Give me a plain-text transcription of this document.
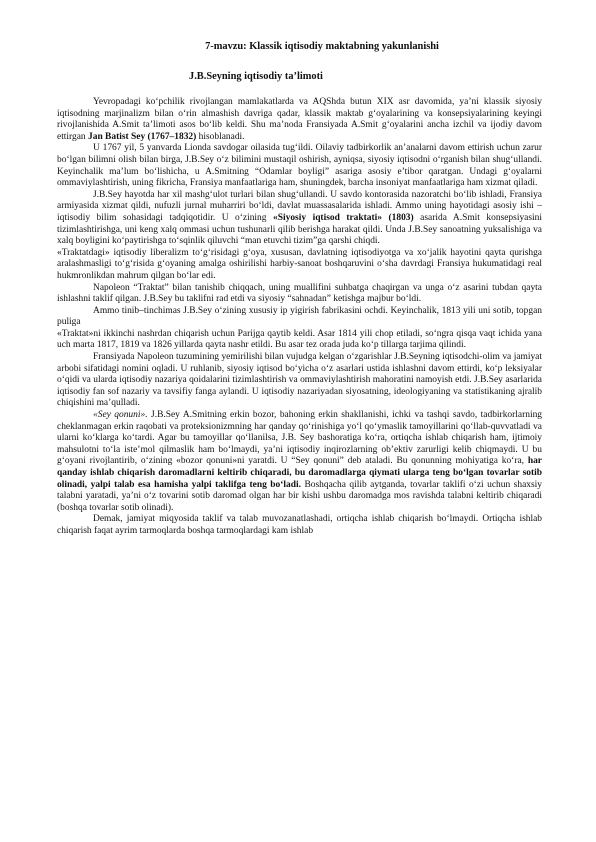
7-mavzu: Klassik iqtisodiy maktabning yakunlanishi
J.B.Seyning iqtisodiy ta’limoti

Yevropadagi ko‘pchilik rivojlangan mamlakatlarda va AQShda butun XIX asr davomida, ya’ni klassik siyosiy iqtisodning marjinalizm bilan o‘rin almashish davriga qadar, klassik maktab g‘oyalarining va konsepsiyalarining keyingi rivojlanishida A.Smit ta’limoti asos bo‘lib keldi. Shu ma’noda Fransiyada A.Smit g‘oyalarini ancha izchil va ijodiy davom ettirgan Jan Batist Sey (1767–1832) hisoblanadi.

U 1767 yil, 5 yanvarda Lionda savdogar oilasida tug‘ildi. Oilaviy tadbirkorlik an’analarni davom ettirish uchun zarur bo‘lgan bilimni olish bilan birga, J.B.Sey o‘z bilimini mustaqil oshirish, ayniqsa, siyosiy iqtisodni o‘rganish bilan shug‘ullandi. Keyinchalik ma’lum bo‘lishicha, u A.Smitning “Odamlar boyligi” asariga asosiy e’tibor qaratgan. Undagi g‘oyalarni ommaviylashtirish, uning fikricha, Fransiya manfaatlariga ham, shuningdek, barcha insoniyat manfaatlariga ham xizmat qiladi.

J.B.Sey hayotda har xil mashg‘ulot turlari bilan shug‘ullandi. U savdo kontorasida nazoratchi bo‘lib ishladi, Fransiya armiyasida xizmat qildi, nufuzli jurnal muharriri bo‘ldi, davlat muassasalarida ishladi. Ammo uning hayotidagi asosiy ishi – iqtisodiy bilim sohasidagi tadqiqotidir. U o‘zining «Siyosiy iqtisod traktati» (1803) asarida A.Smit konsepsiyasini tizimlashtirishga, uni keng xalq ommasi uchun tushunarli qilib berishga harakat qildi. Unda J.B.Sey sanoatning yuksalishiga va xalq boyligini ko‘paytirishga to‘sqinlik qiluvchi “man etuvchi tizim”ga qarshi chiqdi.

«Traktatdagi» iqtisodiy liberalizm to‘g‘risidagi g‘oya, xususan, davlatning iqtisodiyotga va xo‘jalik hayotini qayta qurishga aralashmasligi to‘g‘risida g‘oyaning amalga oshirilishi harbiy-sanoat boshqaruvini o‘sha davrdagi Fransiya hukumatidagi real hukmronlikdan mahrum qilgan bo‘lar edi.

Napoleon “Traktat” bilan tanishib chiqqach, uning muallifini suhbatga chaqirgan va unga o‘z asarini tubdan qayta ishlashni taklif qilgan. J.B.Sey bu taklifni rad etdi va siyosiy “sahnadan” ketishga majbur bo‘ldi.

Ammo tinib–tinchimas J.B.Sey o‘zining xususiy ip yigirish fabrikasini ochdi. Keyinchalik, 1813 yili uni sotib, topgan puliga

«Traktat»ni ikkinchi nashrdan chiqarish uchun Parijga qaytib keldi. Asar 1814 yili chop etiladi, so‘ngra qisqa vaqt ichida yana uch marta 1817, 1819 va 1826 yillarda qayta nashr etildi. Bu asar tez orada juda ko‘p tillarga tarjima qilindi.

Fransiyada Napoleon tuzumining yemirilishi bilan vujudga kelgan o‘zgarishlar J.B.Seyning iqtisodchi-olim va jamiyat arbobi sifatidagi nomini oqladi. U ruhlanib, siyosiy iqtisod bo‘yicha o‘z asarlari ustida ishlashni davom ettirdi, ko‘p leksiyalar o‘qidi va ularda iqtisodiy nazariya qoidalarini tizimlashtirish va ommaviylashtirish mahoratini namoyish etdi. J.B.Sey asarlarida iqtisodiy fan sof nazariy va tavsifiy fanga aylandi. U iqtisodiy nazariyadan siyosatning, ideologiyaning va statistikaning ajralib chiqishini ma’qulladi.

«Sey qonuni». J.B.Sey A.Smitning erkin bozor, bahoning erkin shakllanishi, ichki va tashqi savdo, tadbirkorlarning cheklanmagan erkin raqobati va proteksionizmning har qanday qo‘rinishiga yo‘l qo‘ymaslik tamoyillarini qo‘llab-quvvatladi va ularni ko‘klarga ko‘tardi. Agar bu tamoyillar qo‘llanilsa, J.B. Sey bashoratiga ko‘ra, ortiqcha ishlab chiqarish ham, ijtimoiy mahsulotni to‘la iste’mol qilmaslik ham bo‘lmaydi, ya’ni iqtisodiy inqirozlarning ob’ektiv zarurligi kelib chiqmaydi. U bu g‘oyani rivojlantirib, o‘zining «bozor qonuni»ni yaratdi. U “Sey qonuni” deb ataladi. Bu qonunning mohiyatiga ko‘ra, har qanday ishlab chiqarish daromadlarni keltirib chiqaradi, bu daromadlarga qiymati ularga teng bo‘lgan tovarlar sotib olinadi, yalpi talab esa hamisha yalpi taklifga teng bo‘ladi. Boshqacha qilib aytganda, tovarlar taklifi o‘zi uchun shaxsiy talabni yaratadi, ya’ni o‘z tovarini sotib daromad olgan har bir kishi ushbu daromadga mos ravishda talabni keltirib chiqaradi (boshqa tovarlar sotib olinadi).

Demak, jamiyat miqyosida taklif va talab muvozanatlashadi, ortiqcha ishlab chiqarish bo‘lmaydi. Ortiqcha ishlab chiqarish faqat ayrim tarmoqlarda boshqa tarmoqlardagi kam ishlab
